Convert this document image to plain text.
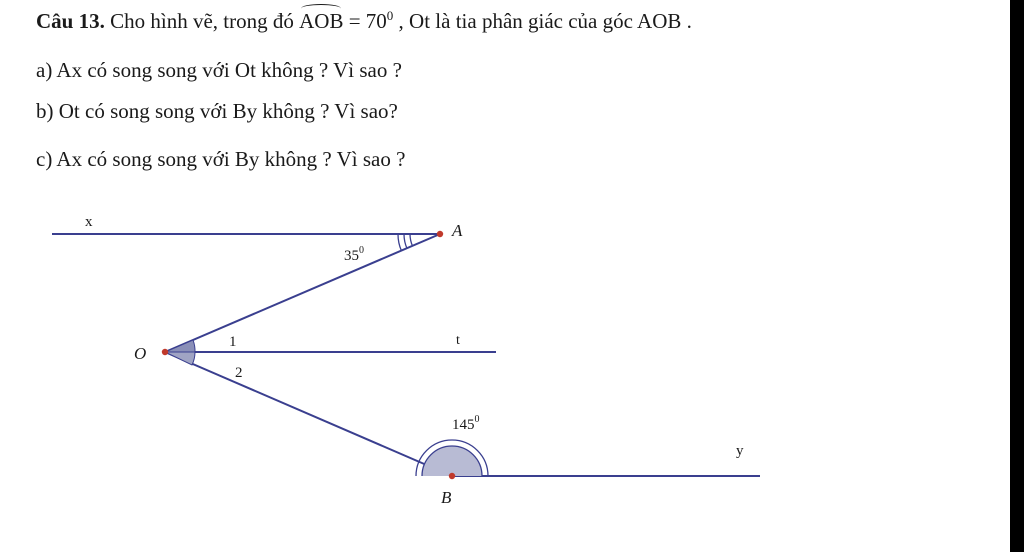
Câu 13. Cho hình vẽ, trong đó AOB = $70^0$ , Ot là tia phân giác của góc AOB .
a) Ax có song song với Ot không ? Vì sao ?
b) Ot có song song với By không ? Vì sao?
c) Ax có song song với By không ? Vì sao ?
x	A
O
t
y
B
1
2
$35^0$
$145^0$
